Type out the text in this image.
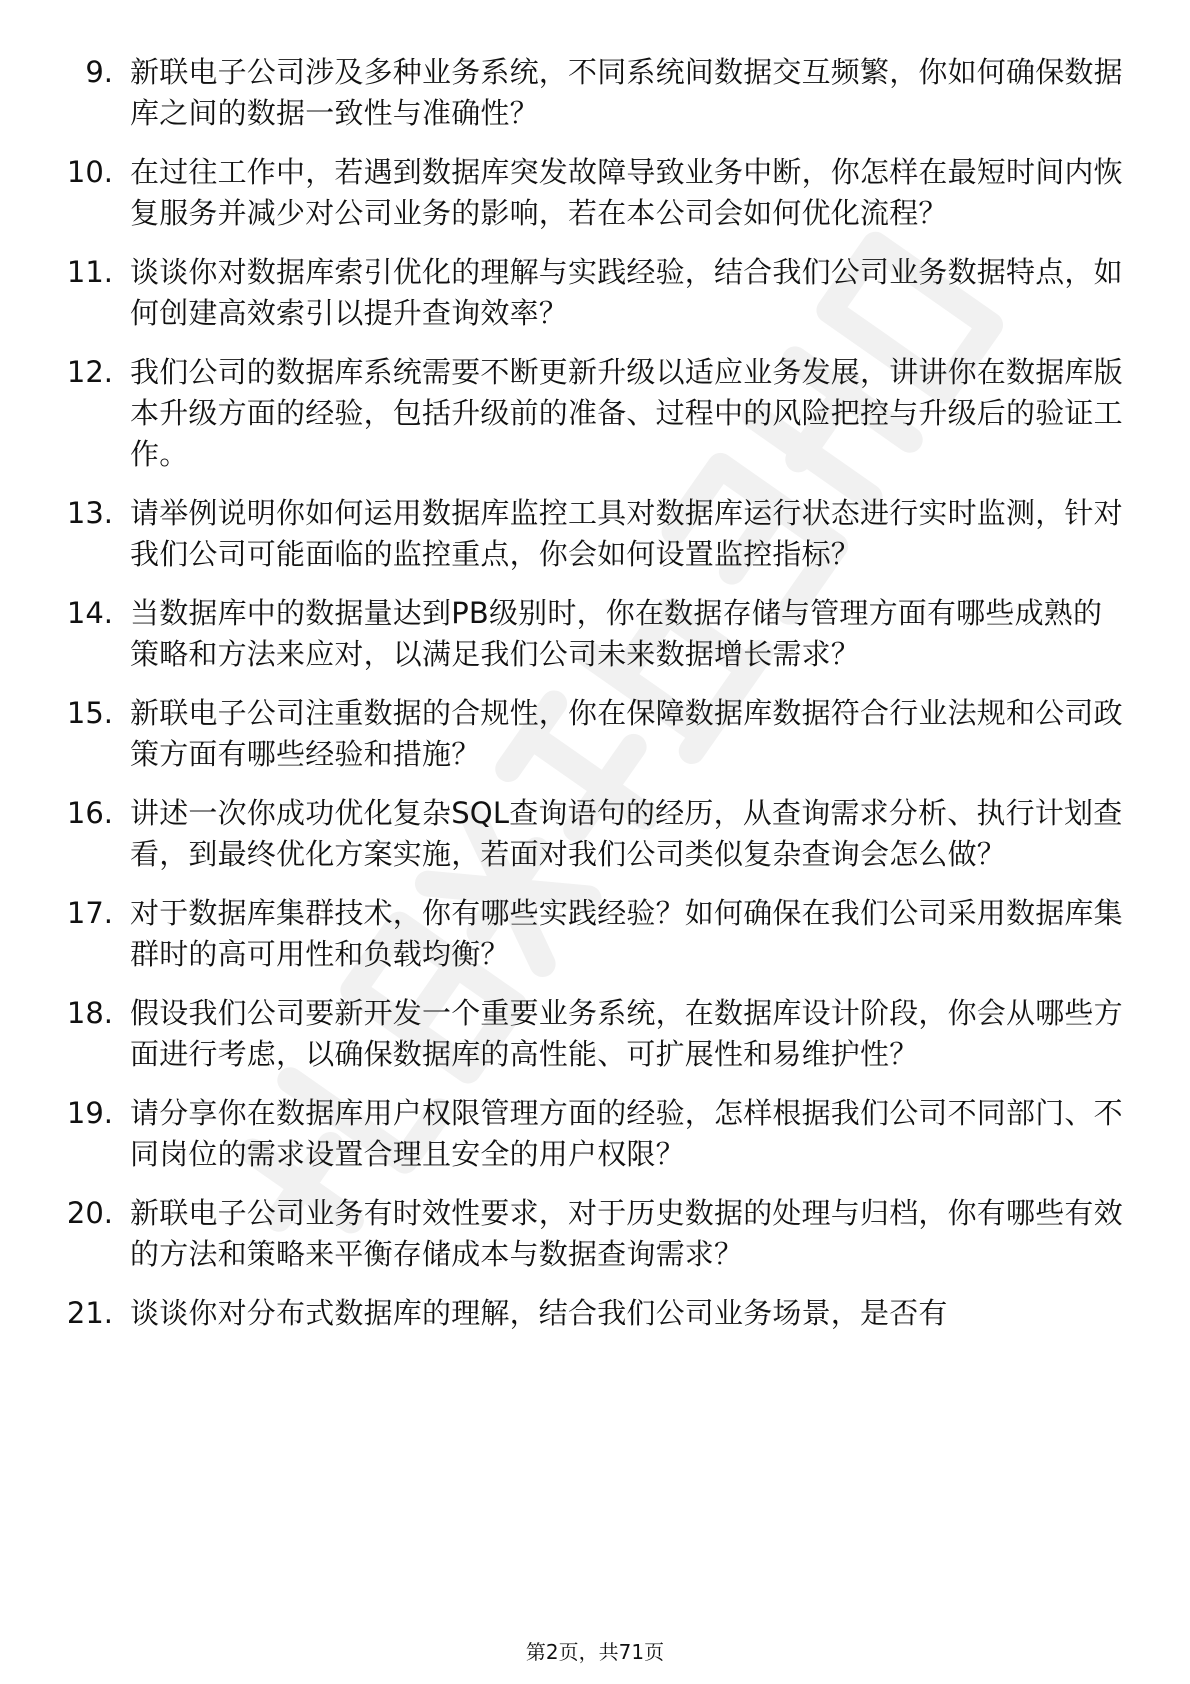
9. 新联电子公司涉及多种业务系统，不同系统间数据交互频繁，你如何确保数据库之间的数据一致性与准确性？
10. 在过往工作中，若遇到数据库突发故障导致业务中断，你怎样在最短时间内恢复服务并减少对公司业务的影响，若在本公司会如何优化流程？
11. 谈谈你对数据库索引优化的理解与实践经验，结合我们公司业务数据特点，如何创建高效索引以提升查询效率？
12. 我们公司的数据库系统需要不断更新升级以适应业务发展，讲讲你在数据库版本升级方面的经验，包括升级前的准备、过程中的风险把控与升级后的验证工作。
13. 请举例说明你如何运用数据库监控工具对数据库运行状态进行实时监测，针对我们公司可能面临的监控重点，你会如何设置监控指标？
14. 当数据库中的数据量达到PB级别时，你在数据存储与管理方面有哪些成熟的策略和方法来应对，以满足我们公司未来数据增长需求？
15. 新联电子公司注重数据的合规性，你在保障数据库数据符合行业法规和公司政策方面有哪些经验和措施？
16. 讲述一次你成功优化复杂SQL查询语句的经历，从查询需求分析、执行计划查看，到最终优化方案实施，若面对我们公司类似复杂查询会怎么做？
17. 对于数据库集群技术，你有哪些实践经验？如何确保在我们公司采用数据库集群时的高可用性和负载均衡？
18. 假设我们公司要新开发一个重要业务系统，在数据库设计阶段，你会从哪些方面进行考虑，以确保数据库的高性能、可扩展性和易维护性？
19. 请分享你在数据库用户权限管理方面的经验，怎样根据我们公司不同部门、不同岗位的需求设置合理且安全的用户权限？
20. 新联电子公司业务有时效性要求，对于历史数据的处理与归档，你有哪些有效的方法和策略来平衡存储成本与数据查询需求？
21. 谈谈你对分布式数据库的理解，结合我们公司业务场景，是否有
第2页，共71页
